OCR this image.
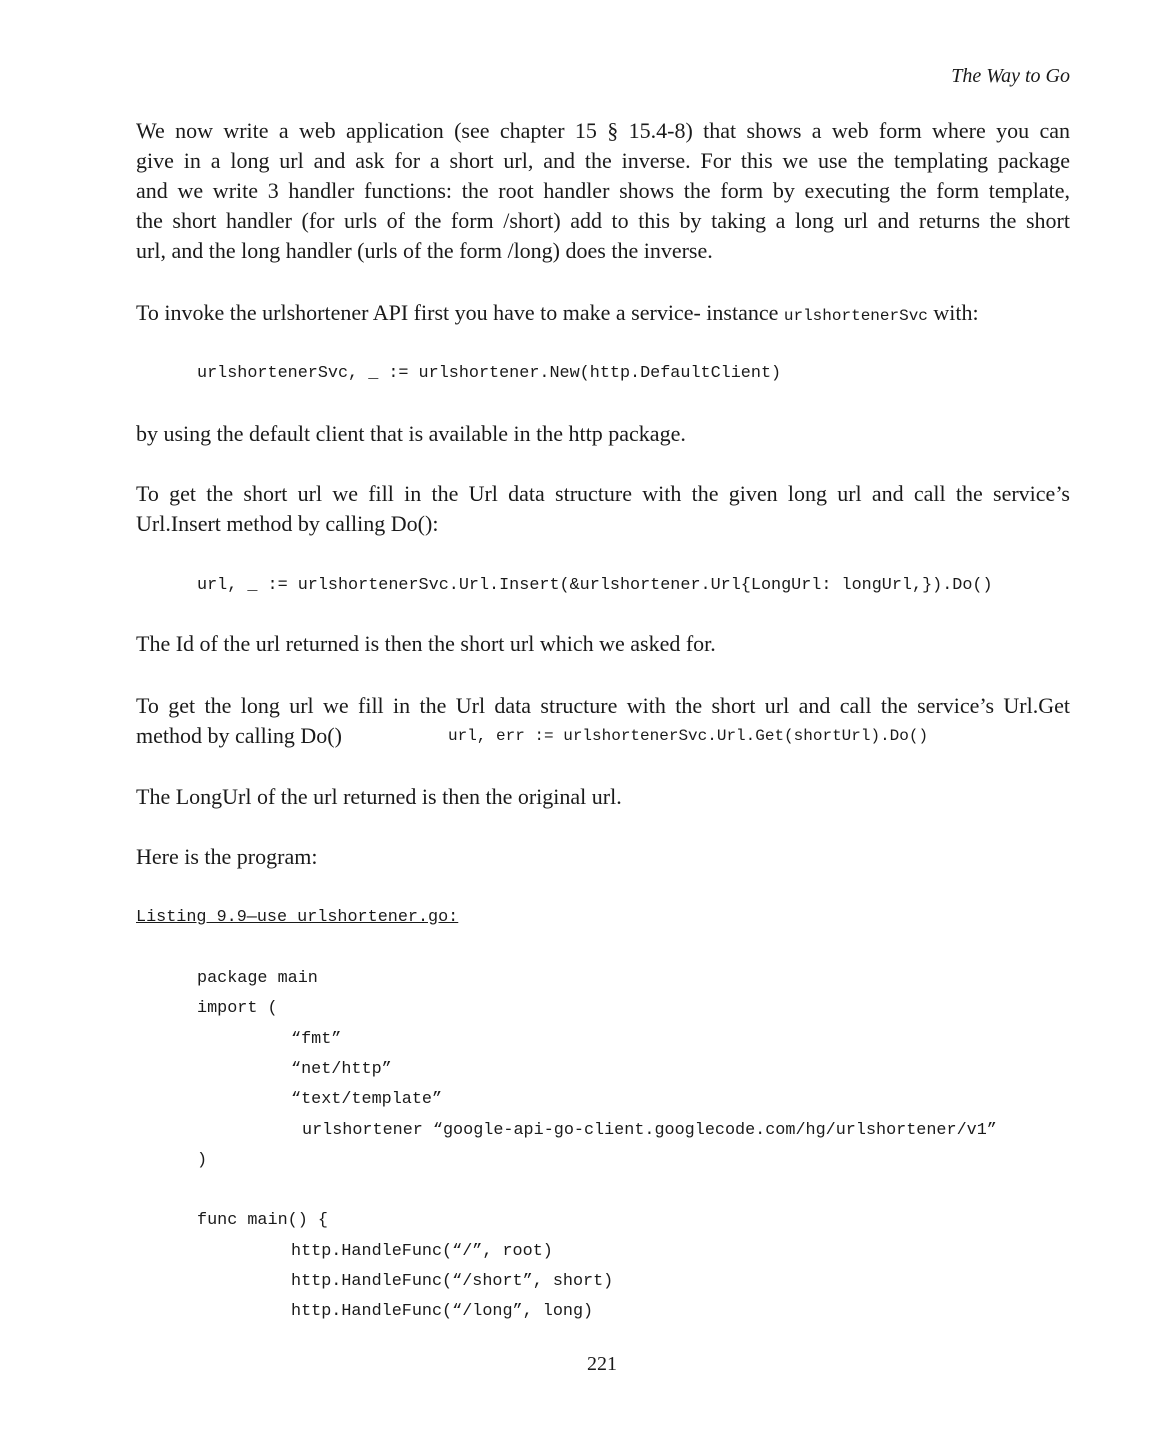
The Way to Go
We now write a web application (see chapter 15 § 15.4-8) that shows a web form where you can
give in a long url and ask for a short url, and the inverse. For this we use the templating package
and we write 3 handler functions: the root handler shows the form by executing the form template,
the short handler (for urls of the form /short) add to this by taking a long url and returns the short
url, and the long handler (urls of the form /long) does the inverse.
To invoke the urlshortener API first you have to make a service- instance urlshortenerSvc with:
urlshortenerSvc, _ := urlshortener.New(http.DefaultClient)
by using the default client that is available in the http package.
To get the short url we fill in the Url data structure with the given long url and call the service’s
Url.Insert method by calling Do():
url, _ := urlshortenerSvc.Url.Insert(&urlshortener.Url{LongUrl: longUrl,}).Do()
The Id of the url returned is then the short url which we asked for.
To get the long url we fill in the Url data structure with the short url and call the service’s Url.Get
method by calling Do()	url, err := urlshortenerSvc.Url.Get(shortUrl).Do()
The LongUrl of the url returned is then the original url.
Here is the program:
Listing 9.9—use_urlshortener.go:
package main
import (
“fmt”
“net/http”
“text/template”
urlshortener “google-api-go-client.googlecode.com/hg/urlshortener/v1”
)
func main() {
http.HandleFunc(“/”, root)
http.HandleFunc(“/short”, short)
http.HandleFunc(“/long”, long)
221
